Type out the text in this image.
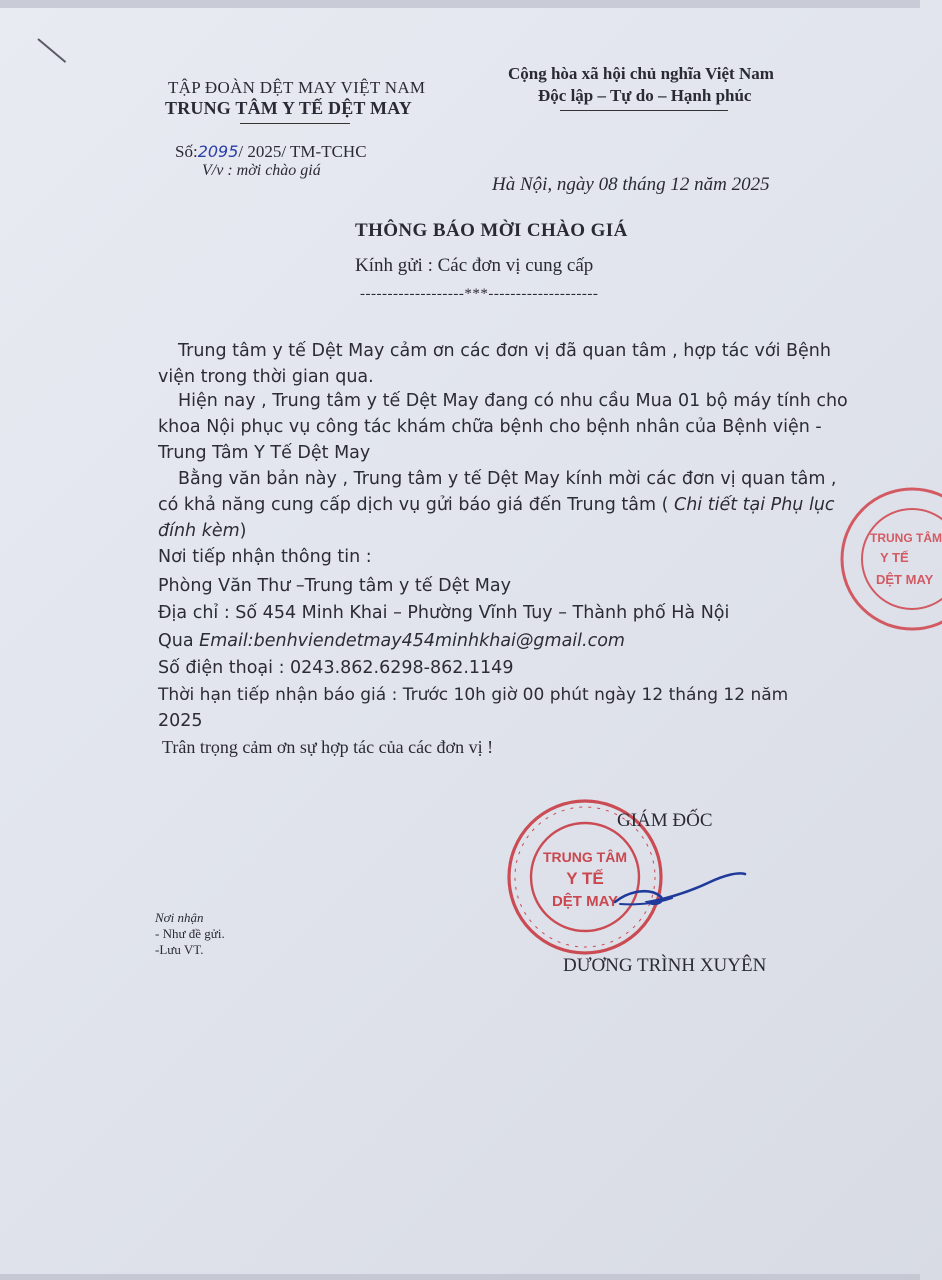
TẬP ĐOÀN DỆT MAY VIỆT NAM
TRUNG TÂM Y TẾ DỆT MAY
Cộng hòa xã hội chủ nghĩa Việt Nam
Độc lập – Tự do – Hạnh phúc
Số:2095/ 2025/ TM-TCHC
V/v : mời chào giá
Hà Nội, ngày 08 tháng 12 năm 2025
THÔNG BÁO MỜI CHÀO GIÁ
Kính gửi : Các đơn vị cung cấp
-------------------***--------------------
Trung tâm y tế Dệt May cảm ơn các đơn vị đã quan tâm , hợp tác với Bệnh
viện trong thời gian qua.
Hiện nay , Trung tâm y tế Dệt May đang có nhu cầu Mua 01 bộ máy tính cho
khoa Nội phục vụ công tác khám chữa bệnh cho bệnh nhân của Bệnh viện -
Trung Tâm Y Tế Dệt May
Bằng văn bản này , Trung tâm y tế Dệt May kính mời các đơn vị quan tâm ,
có khả năng cung cấp dịch vụ gửi báo giá đến Trung tâm ( Chi tiết tại Phụ lục
đính kèm)
Nơi tiếp nhận thông tin :
Phòng Văn Thư –Trung tâm y tế Dệt May
Địa chỉ : Số 454 Minh Khai – Phường Vĩnh Tuy – Thành phố Hà Nội
Qua Email:benhviendetmay454minhkhai@gmail.com
Số điện thoại : 0243.862.6298-862.1149
Thời hạn tiếp nhận báo giá : Trước 10h giờ 00 phút ngày 12 tháng 12 năm
2025
Trân trọng cảm ơn sự hợp tác của các đơn vị !
Nơi nhận
- Như đề gửi.
-Lưu VT.
TRUNG TÂM
Y TẾ
DỆT MAY
TRUNG TÂM
Y TẾ
DỆT MAY
GIÁM ĐỐC
DƯƠNG TRÌNH XUYÊN
